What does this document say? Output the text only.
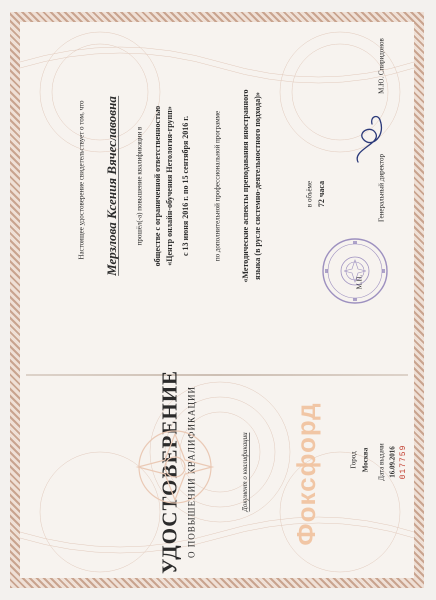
Настоящее удостоверение свидетельствует о том, что Мерзлова Ксения Вячеславовна прошёл(-а) повышение квалификации в обществе с ограниченной ответственностью «Центр онлайн-обучения Нетология-групп» с 13 июня 2016 г. по 15 сентября 2016 г.	по дополнительной профессиональной программе «Методические аспекты преподавания иностранного языка (в русле системно-деятельностного подхода)»	в объёме 72 часа
М.П.
Генеральный директор
М.Ю. Спиридонов
УДОСТОВЕРЕНИЕ О ПОВЫШЕНИИ КВАЛИФИКАЦИИ	Документ о квалификации Фоксфорд	Город Москва Дата выдачи 16.09.2016 017759
